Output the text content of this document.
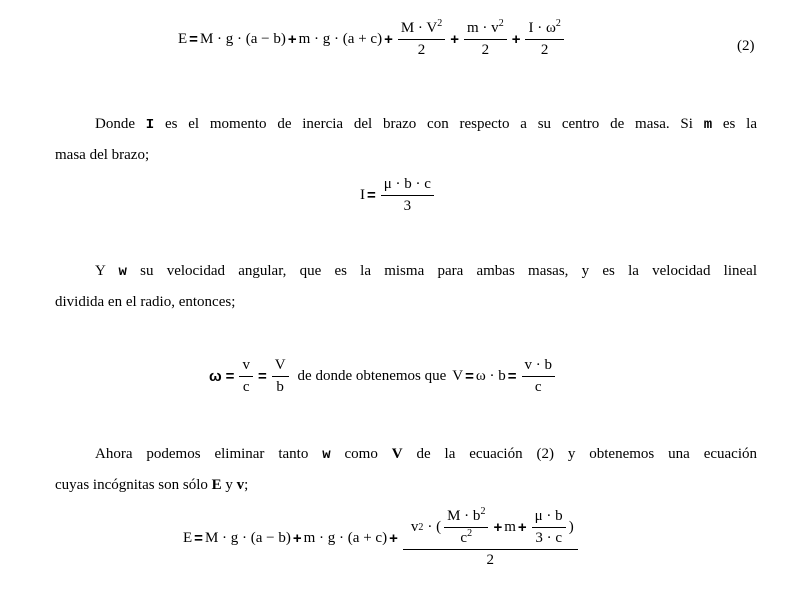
$E = M \cdot g \cdot (a - b) + m \cdot g \cdot (a + c) + \frac{M \cdot V^2}{2} + \frac{m \cdot v^2}{2} + \frac{I \cdot \omega^2}{2}$	(2)

Donde I es el momento de inercia del brazo con respecto a su centro de masa. Si m es la

masa del brazo;

$I = \frac{\mu \cdot b \cdot c}{3}$

Y w su velocidad angular, que es la misma para ambas masas, y es la velocidad lineal

dividida en el radio, entonces;

$\omega = \frac{v}{c} = \frac{V}{b}$ de donde obtenemos que $V = \omega \cdot b = \frac{v \cdot b}{c}$

Ahora podemos eliminar tanto w como V de la ecuación (2) y obtenemos una ecuación

cuyas incógnitas son sólo E y v;

E = M · g · (a − b) + m · g · (a + c) +
v 2 · ( $\frac{M \cdot b^2}{c^2} + m + \frac{\mu \cdot b}{3 \cdot c}$ )
2
